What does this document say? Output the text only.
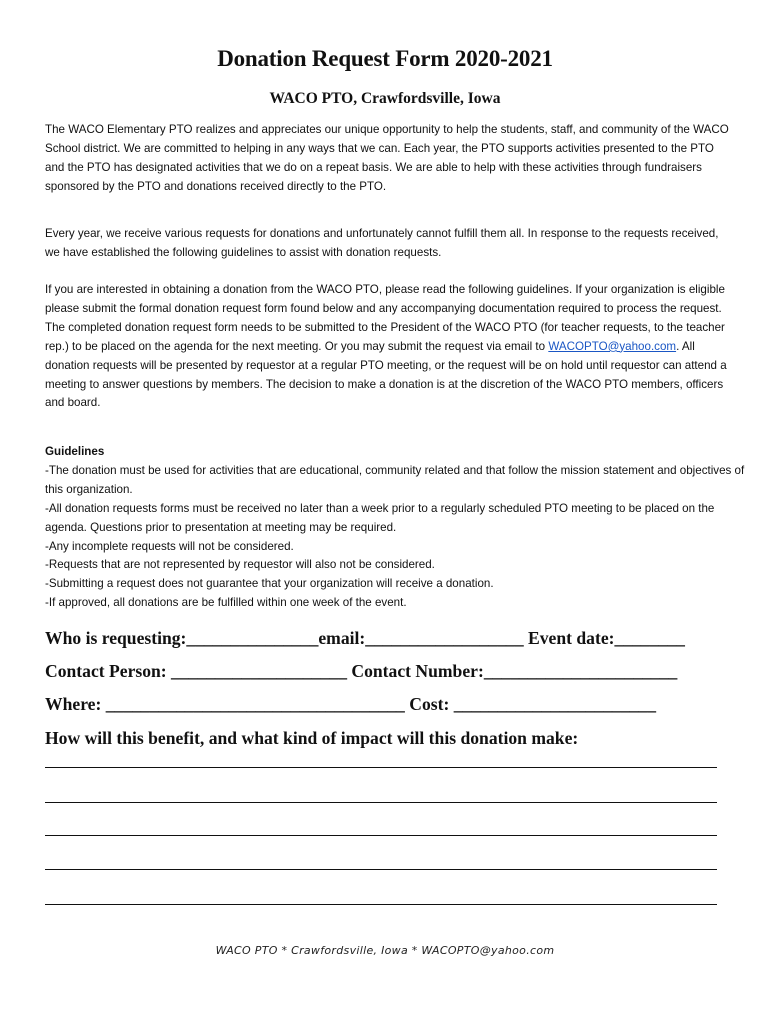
Donation Request Form 2020-2021
WACO PTO, Crawfordsville, Iowa

The WACO Elementary PTO realizes and appreciates our unique opportunity to help the students, staff, and community of the WACO School district. We are committed to helping in any ways that we can. Each year, the PTO supports activities presented to the PTO and the PTO has designated activities that we do on a repeat basis. We are able to help with these activities through fundraisers sponsored by the PTO and donations received directly to the PTO.

Every year, we receive various requests for donations and unfortunately cannot fulfill them all. In response to the requests received, we have established the following guidelines to assist with donation requests.

If you are interested in obtaining a donation from the WACO PTO, please read the following guidelines. If your organization is eligible please submit the formal donation request form found below and any accompanying documentation required to process the request. The completed donation request form needs to be submitted to the President of the WACO PTO (for teacher requests, to the teacher rep.) to be placed on the agenda for the next meeting. Or you may submit the request via email to WACOPTO@yahoo.com. All donation requests will be presented by requestor at a regular PTO meeting, or the request will be on hold until requestor can attend a meeting to answer questions by members. The decision to make a donation is at the discretion of the WACO PTO members, officers and board.

Guidelines
-The donation must be used for activities that are educational, community related and that follow the mission statement and objectives of this organization.
-All donation requests forms must be received no later than a week prior to a regularly scheduled PTO meeting to be placed on the agenda. Questions prior to presentation at meeting may be required.
-Any incomplete requests will not be considered.
-Requests that are not represented by requestor will also not be considered.
-Submitting a request does not guarantee that your organization will receive a donation.
-If approved, all donations are be fulfilled within one week of the event.
Who is requesting:_______________email:__________________ Event date:________
Contact Person: ____________________ Contact Number:______________________
Where: __________________________________ Cost: _______________________
How will this benefit, and what kind of impact will this donation make:
WACO PTO * Crawfordsville, Iowa * WACOPTO@yahoo.com
